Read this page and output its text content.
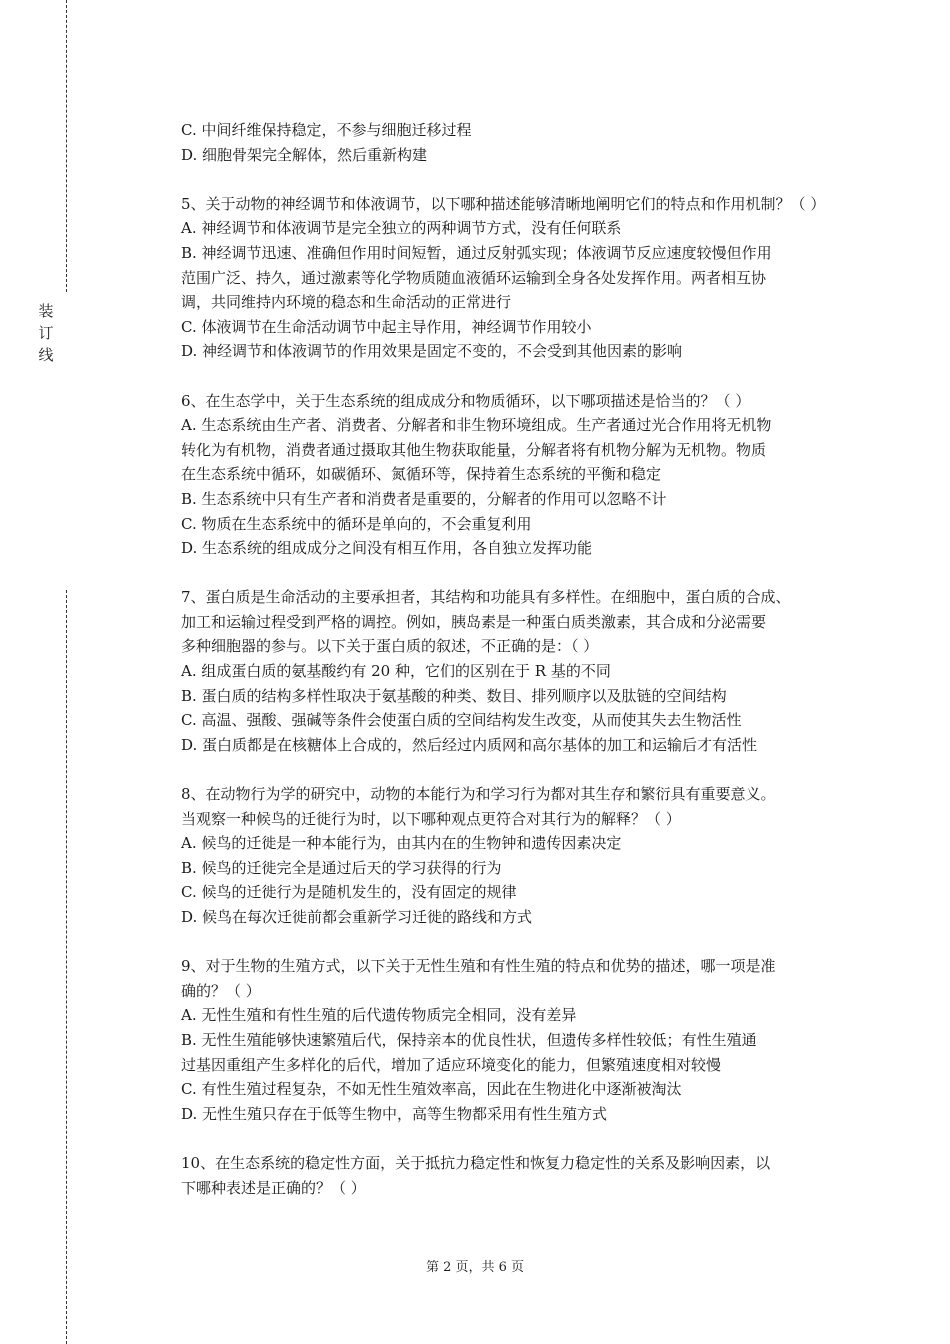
装
订
线

C. 中间纤维保持稳定，不参与细胞迁移过程

D. 细胞骨架完全解体，然后重新构建

5、关于动物的神经调节和体液调节，以下哪种描述能够清晰地阐明它们的特点和作用机制？（ ）

A. 神经调节和体液调节是完全独立的两种调节方式，没有任何联系

B. 神经调节迅速、准确但作用时间短暂，通过反射弧实现；体液调节反应速度较慢但作用

范围广泛、持久，通过激素等化学物质随血液循环运输到全身各处发挥作用。两者相互协

调，共同维持内环境的稳态和生命活动的正常进行

C. 体液调节在生命活动调节中起主导作用，神经调节作用较小

D. 神经调节和体液调节的作用效果是固定不变的，不会受到其他因素的影响

6、在生态学中，关于生态系统的组成成分和物质循环，以下哪项描述是恰当的？（ ）

A. 生态系统由生产者、消费者、分解者和非生物环境组成。生产者通过光合作用将无机物

转化为有机物，消费者通过摄取其他生物获取能量，分解者将有机物分解为无机物。物质

在生态系统中循环，如碳循环、氮循环等，保持着生态系统的平衡和稳定

B. 生态系统中只有生产者和消费者是重要的，分解者的作用可以忽略不计

C. 物质在生态系统中的循环是单向的，不会重复利用

D. 生态系统的组成成分之间没有相互作用，各自独立发挥功能

7、蛋白质是生命活动的主要承担者，其结构和功能具有多样性。在细胞中，蛋白质的合成、

加工和运输过程受到严格的调控。例如，胰岛素是一种蛋白质类激素，其合成和分泌需要

多种细胞器的参与。以下关于蛋白质的叙述，不正确的是：（ ）

A. 组成蛋白质的氨基酸约有 20 种，它们的区别在于 R 基的不同

B. 蛋白质的结构多样性取决于氨基酸的种类、数目、排列顺序以及肽链的空间结构

C. 高温、强酸、强碱等条件会使蛋白质的空间结构发生改变，从而使其失去生物活性

D. 蛋白质都是在核糖体上合成的，然后经过内质网和高尔基体的加工和运输后才有活性

8、在动物行为学的研究中，动物的本能行为和学习行为都对其生存和繁衍具有重要意义。

当观察一种候鸟的迁徙行为时，以下哪种观点更符合对其行为的解释？（ ）

A. 候鸟的迁徙是一种本能行为，由其内在的生物钟和遗传因素决定

B. 候鸟的迁徙完全是通过后天的学习获得的行为

C. 候鸟的迁徙行为是随机发生的，没有固定的规律

D. 候鸟在每次迁徙前都会重新学习迁徙的路线和方式

9、对于生物的生殖方式，以下关于无性生殖和有性生殖的特点和优势的描述，哪一项是准

确的？（ ）

A. 无性生殖和有性生殖的后代遗传物质完全相同，没有差异

B. 无性生殖能够快速繁殖后代，保持亲本的优良性状，但遗传多样性较低；有性生殖通

过基因重组产生多样化的后代，增加了适应环境变化的能力，但繁殖速度相对较慢

C. 有性生殖过程复杂，不如无性生殖效率高，因此在生物进化中逐渐被淘汰

D. 无性生殖只存在于低等生物中，高等生物都采用有性生殖方式

10、在生态系统的稳定性方面，关于抵抗力稳定性和恢复力稳定性的关系及影响因素，以

下哪种表述是正确的？（ ）

第 2 页，共 6 页
